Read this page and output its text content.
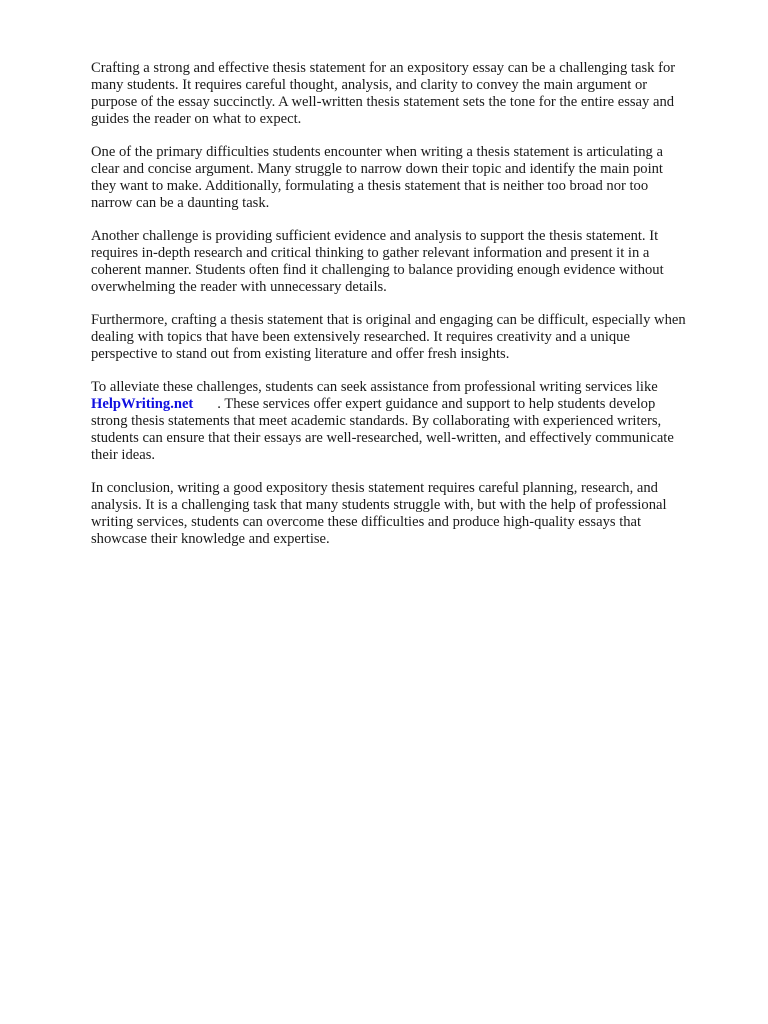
Crafting a strong and effective thesis statement for an expository essay can be a challenging task for
many students. It requires careful thought, analysis, and clarity to convey the main argument or
purpose of the essay succinctly. A well-written thesis statement sets the tone for the entire essay and
guides the reader on what to expect.

One of the primary difficulties students encounter when writing a thesis statement is articulating a
clear and concise argument. Many struggle to narrow down their topic and identify the main point
they want to make. Additionally, formulating a thesis statement that is neither too broad nor too
narrow can be a daunting task.

Another challenge is providing sufficient evidence and analysis to support the thesis statement. It
requires in-depth research and critical thinking to gather relevant information and present it in a
coherent manner. Students often find it challenging to balance providing enough evidence without
overwhelming the reader with unnecessary details.

Furthermore, crafting a thesis statement that is original and engaging can be difficult, especially when
dealing with topics that have been extensively researched. It requires creativity and a unique
perspective to stand out from existing literature and offer fresh insights.

To alleviate these challenges, students can seek assistance from professional writing services like
HelpWriting.net . These services offer expert guidance and support to help students develop
strong thesis statements that meet academic standards. By collaborating with experienced writers,
students can ensure that their essays are well-researched, well-written, and effectively communicate
their ideas.

In conclusion, writing a good expository thesis statement requires careful planning, research, and
analysis. It is a challenging task that many students struggle with, but with the help of professional
writing services, students can overcome these difficulties and produce high-quality essays that
showcase their knowledge and expertise.
